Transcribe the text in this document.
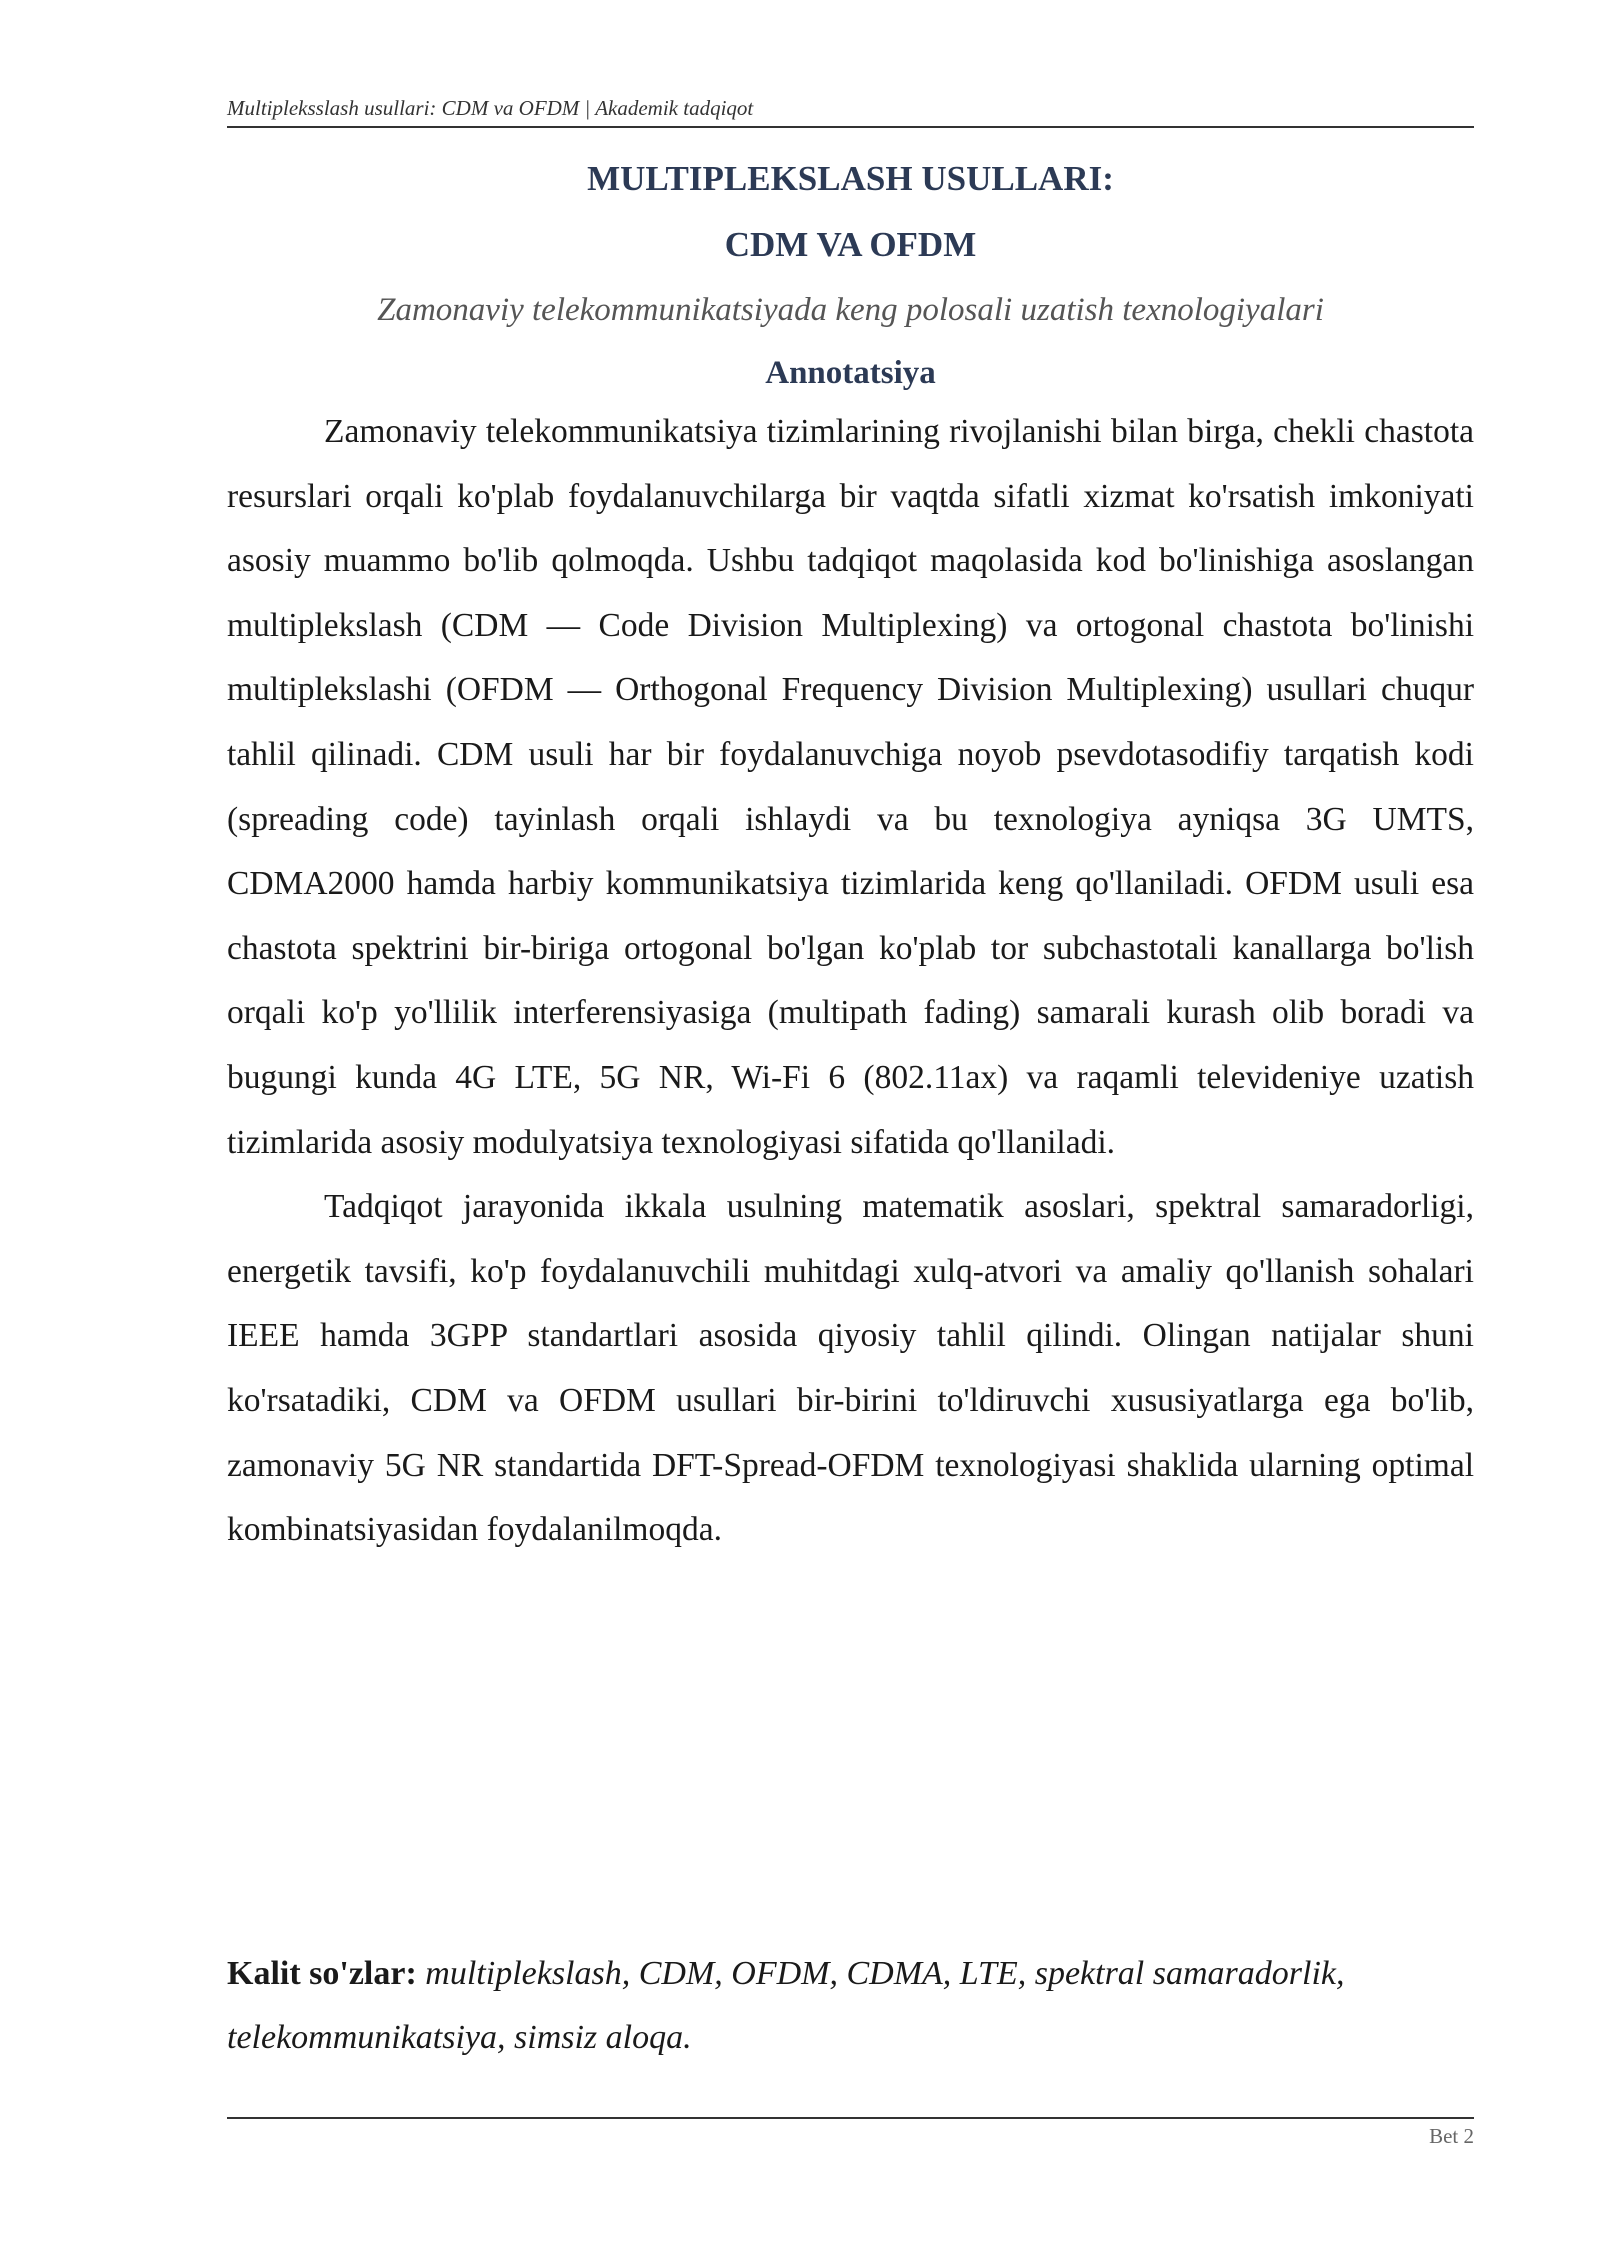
Multipleksslash usullari: CDM va OFDM | Akademik tadqiqot
MULTIPLEKSLASH USULLARI:
CDM VA OFDM
Zamonaviy telekommunikatsiyada keng polosali uzatish texnologiyalari
Annotatsiya

Zamonaviy telekommunikatsiya tizimlarining rivojlanishi bilan birga, chekli chastota resurslari orqali ko'plab foydalanuvchilarga bir vaqtda sifatli xizmat ko'rsatish imkoniyati asosiy muammo bo'lib qolmoqda. Ushbu tadqiqot maqolasida kod bo'linishiga asoslangan multiplekslash (CDM — Code Division Multiplexing) va ortogonal chastota bo'linishi multiplekslashi (OFDM — Orthogonal Frequency Division Multiplexing) usullari chuqur tahlil qilinadi. CDM usuli har bir foydalanuvchiga noyob psevdotasodifiy tarqatish kodi (spreading code) tayinlash orqali ishlaydi va bu texnologiya ayniqsa 3G UMTS, CDMA2000 hamda harbiy kommunikatsiya tizimlarida keng qo'llaniladi. OFDM usuli esa chastota spektrini bir-biriga ortogonal bo'lgan ko'plab tor subchastotali kanallarga bo'lish orqali ko'p yo'llilik interferensiyasiga (multipath fading) samarali kurash olib boradi va bugungi kunda 4G LTE, 5G NR, Wi-Fi 6 (802.11ax) va raqamli televideniye uzatish tizimlarida asosiy modulyatsiya texnologiyasi sifatida qo'llaniladi.

Tadqiqot jarayonida ikkala usulning matematik asoslari, spektral samaradorligi, energetik tavsifi, ko'p foydalanuvchili muhitdagi xulq-atvori va amaliy qo'llanish sohalari IEEE hamda 3GPP standartlari asosida qiyosiy tahlil qilindi. Olingan natijalar shuni ko'rsatadiki, CDM va OFDM usullari bir-birini to'ldiruvchi xususiyatlarga ega bo'lib, zamonaviy 5G NR standartida DFT-Spread-OFDM texnologiyasi shaklida ularning optimal kombinatsiyasidan foydalanilmoqda.

Kalit so'zlar: multiplekslash, CDM, OFDM, CDMA, LTE, spektral samaradorlik, telekommunikatsiya, simsiz aloqa.
Bet 2
